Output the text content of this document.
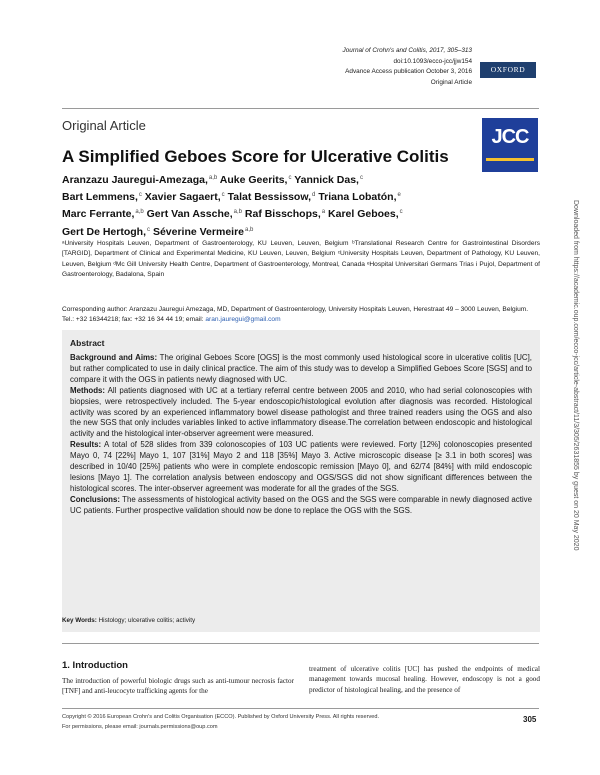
Journal of Crohn's and Colitis, 2017, 305–313
doi:10.1093/ecco-jcc/jjw154
Advance Access publication October 3, 2016
Original Article
OXFORD
Original Article
JCC
A Simplified Geboes Score for Ulcerative Colitis
Aranzazu Jauregui-Amezaga,$^{a,b}$ Auke Geerits,$^c$ Yannick Das,$^c$
Bart Lemmens,$^c$ Xavier Sagaert,$^c$ Talat Bessissow,$^d$ Triana Lobatón,$^e$
Marc Ferrante,$^{a,b}$ Gert Van Assche,$^{a,b}$ Raf Bisschops,$^a$ Karel Geboes,$^c$
Gert De Hertogh,$^c$ Séverine Vermeire$^{a,b}$
ᵃUniversity Hospitals Leuven, Department of Gastroenterology, KU Leuven, Leuven, Belgium ᵇTranslational Research Centre for Gastrointestinal Disorders [TARGID], Department of Clinical and Experimental Medicine, KU Leuven, Leuven, Belgium ᶜUniversity Hospitals Leuven, Department of Pathology, KU Leuven, Leuven, Belgium ᵈMc Gill University Health Centre, Department of Gastroenterology, Montreal, Canada ᵉHospital Universitari Germans Trias i Pujol, Department of Gastroenterology, Badalona, Spain
Corresponding author: Aranzazu Jauregui Amezaga, MD, Department of Gastroenterology, University Hospitals Leuven, Herestraat 49 – 3000 Leuven, Belgium. Tel.: +32 16344218; fax: +32 16 34 44 19; email: aran.jauregui@gmail.com
Abstract

Background and Aims: The original Geboes Score [OGS] is the most commonly used histological score in ulcerative colitis [UC], but rather complicated to use in daily clinical practice. The aim of this study was to develop a Simplified Geboes Score [SGS] and to compare it with the OGS in patients newly diagnosed with UC.

Methods: All patients diagnosed with UC at a tertiary referral centre between 2005 and 2010, who had serial colonoscopies with biopsies, were retrospectively included. The 5-year endoscopic/histological evolution after diagnosis was recorded. Histological activity was scored by an experienced inflammatory bowel disease pathologist and three trained readers using the OGS and also the new SGS that only includes variables linked to active inflammatory disease.The correlation between endoscopic and histological activity and the histological inter-observer agreement were measured.

Results: A total of 528 slides from 339 colonoscopies of 103 UC patients were reviewed. Forty [12%] colonoscopies presented Mayo 0, 74 [22%] Mayo 1, 107 [31%] Mayo 2 and 118 [35%] Mayo 3. Active microscopic disease [≥ 3.1 in both scores] was described in 10/40 [25%] patients who were in complete endoscopic remission [Mayo 0], and 62/74 [84%] with mild endoscopic lesions [Mayo 1]. The correlation analysis between endoscopy and OGS/SGS did not show significant differences between the histological scores. The inter-observer agreement was moderate for all the grades of the SGS.

Conclusions: The assessments of histological activity based on the OGS and the SGS were comparable in newly diagnosed active UC patients. Further prospective validation should now be done to replace the OGS with the SGS.

Key Words: Histology; ulcerative colitis; activity
1. Introduction
The introduction of powerful biologic drugs such as anti-tumour necrosis factor [TNF] and anti-leucocyte trafficking agents for the
treatment of ulcerative colitis [UC] has pushed the endpoints of medical management towards mucosal healing. However, endoscopy is not a good predictor of histological healing, and the presence of
Copyright © 2016 European Crohn's and Colitis Organisation (ECCO). Published by Oxford University Press. All rights reserved.
For permissions, please email: journals.permissions@oup.com
305
Downloaded from https://academic.oup.com/ecco-jcc/article-abstract/11/3/305/2631855 by guest on 20 May 2020
